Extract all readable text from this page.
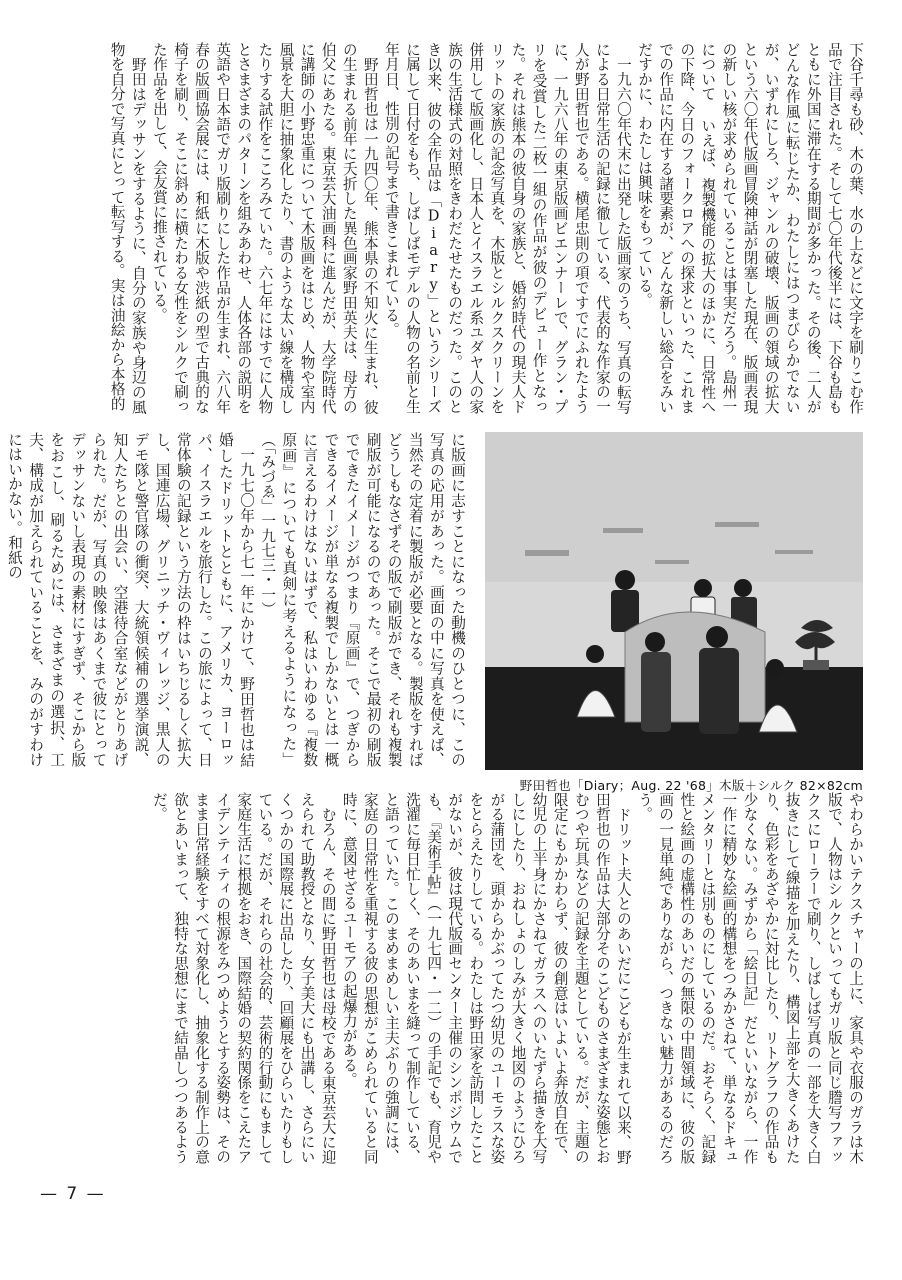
下谷千尋も砂、木の葉、水の上などに文字を刷りこむ作品で注目された。そして七〇年代後半には、下谷も島もともに外国に滞在する期間が多かった。その後、二人がどんな作風に転じたか、わたしにはつまびらかでないが、いずれにしろ、ジャンルの破壊、版画の領域の拡大という六〇年代版画冒険神話が閉塞した現在、版画表現の新しい核が求められていることは事実だろう。島州一について いえば、複製機能の拡大のほかに、日常性への下降、今日のフォークロアへの探求といった、これまでの作品に内在する諸要素が、どんな新しい総合をみいだすかに、わたしは興味をもっている。

一九六〇年代末に出発した版画家のうち、写真の転写による日常生活の記録に徹している、代表的な作家の一人が野田哲也である。横尾忠則の項ですでにふれたように、一九六八年の東京版画ビエンナーレで、グラン・プリを受賞した二枚一組の作品が彼のデビュー作となった。それは熊本の彼自身の家族と、婚約時代の現夫人ドリットの家族の記念写真を、木版とシルクスクリーンを併用して版画化し、日本人とイスラエル系ユダヤ人の家族の生活様式の対照をきわだたせたものだった。このとき以来、彼の全作品は「Diary」というシリーズに属して日付をもち、しばしばモデルの人物の名前と生年月日、性別の記号まで書きこまれている。

野田哲也は一九四〇年、熊本県の不知火に生まれ、彼の生まれる前年に夭折した異色画家野田英夫は、母方の伯父にあたる。東京芸大油画科に進んだが、大学院時代に講師の小野忠重について木版画をはじめ、人物や室内風景を大胆に抽象化したり、書のような太い線を構成したりする試作をこころみていた。六七年にはすでに人物とさまざまのパターンを組みあわせ、人体各部の説明を英語や日本語でガリ版刷りにした作品が生まれ、六八年春の版画協会展には、和紙に木版や渋紙の型で古典的な椅子を刷り、そこに斜めに横たわる女性をシルクで刷った作品を出して、会友賞に推されている。

野田はデッサンをするように、自分の家族や身辺の風物を自分で写真にとって転写する。実は油絵から本格的

に版画に志すことになった動機のひとつに、この写真の応用があった。画面の中に写真を使えば、当然その定着に製版が必要となる。製版をすればどうしもなさずその版で刷版ができ、それも複製刷版が可能になるのであった。そこで最初の刷版でできたイメージがつまり『原画』で、つぎからできるイメージが単なる複製でしかないとは一概に言えるわけはないはずで、私はいわゆる『複数原画』についても真剣に考えるようになった」（「みづゑ」一九七三・一）

一九七〇年から七一年にかけて、野田哲也は結婚したドリットとともに、アメリカ、ヨーロッパ、イスラエルを旅行した。この旅によって、日常体験の記録という方法の枠はいちじるしく拡大し、国連広場、グリニッチ・ヴィレッジ、黒人のデモ隊と警官隊の衝突、大統領候補の選挙演説、知人たちとの出会い、空港待合室などがとりあげられた。だが、写真の映像はあくまで彼にとってデッサンないし表現の素材にすぎず、そこから版をおこし、刷るためには、さまざまの選択、工夫、構成が加えられていることを、みのがすわけにはいかない。和紙の

野田哲也「Diary；Aug. 22 '68」木版＋シルク 82×82cm

やわらかいテクスチャーの上に、家具や衣服のガラは木版で、人物はシルクといってもガリ版と同じ謄写ファックスにローラーで刷り、しばしば写真の一部を大きく白抜きにして線描を加えたり、構図上部を大きくあけたり、色彩をあざやかに対比したり、リトグラフの作品も少なくない。みずから「絵日記」だといいながら、一作一作に精妙な絵画的構想をつみかさねて、単なるドキュメンタリーとは別ものにしているのだ。おそらく、記録性と絵画の虚構性のあいだの無限の中間領域に、彼の版画の一見単純でありながら、つきない魅力があるのだろう。

ドリット夫人とのあいだにこどもが生まれて以来、野田哲也の作品は大部分そのこどものさまざまな姿態とおむつや玩具などの記録を主題としている。だが、主題の限定にもかかわらず、彼の創意はいよいよ奔放自在で、幼児の上半身にかさねてガラスへのいたずら描きを大写しにしたり、おねしょのしみが大きく地図のようにひろがる蒲団を、頭からかぶってたつ幼児のユーモラスな姿をとらえたりしている。わたしは野田家を訪問したことがないが、彼は現代版画センター主催のシンポジウムでも、『美術手帖』（一九七四・一二）の手記でも、育児や洗濯に毎日忙しく、そのあいまを縫って制作している、と語っていた。このまめまめしい主夫ぶりの強調には、家庭の日常性を重視する彼の思想がこめられていると同時に、意図せざるユーモアの起爆力がある。

むろん、その間に野田哲也は母校である東京芸大に迎えられて助教授となり、女子美大にも出講し、さらにいくつかの国際展に出品したり、回顧展をひらいたりもしている。だが、それらの社会的、芸術的行動にもまして家庭生活に根拠をおき、国際結婚の契約関係をこえたアイデンティティの根源をみつめようとする姿勢は、そのまま日常経験をすべて対象化し、抽象化する制作上の意欲とあいまって、独特な思想にまで結晶しつつあるようだ。

— 7 —
